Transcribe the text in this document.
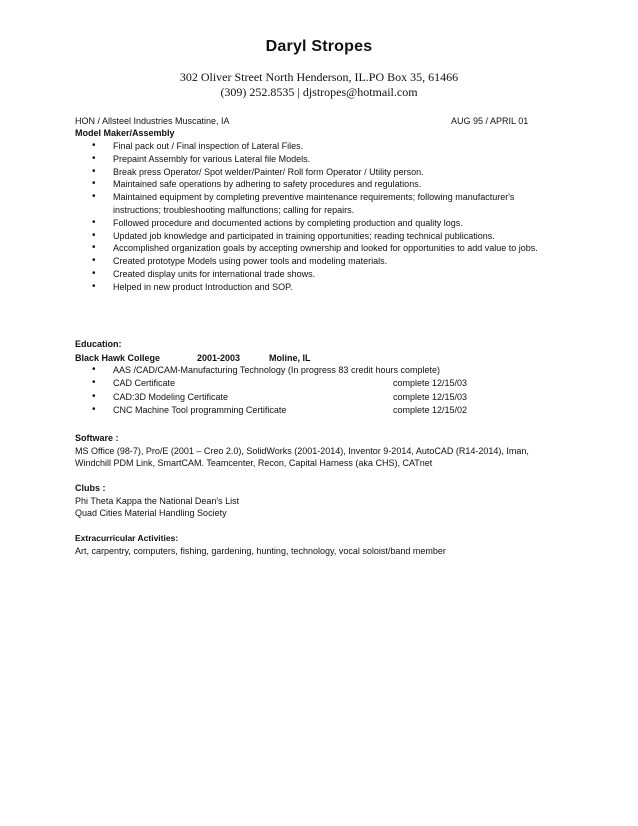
Daryl Stropes
302 Oliver Street North Henderson, IL.PO Box 35, 61466
(309) 252.8535 | djstropes@hotmail.com
HON / Allsteel Industries Muscatine, IA	AUG 95 / APRIL 01
Model Maker/Assembly
• Final pack out / Final inspection of Lateral Files.
• Prepaint Assembly for various Lateral file Models.
• Break press Operator/ Spot welder/Painter/ Roll form Operator / Utility person.
• Maintained safe operations by adhering to safety procedures and regulations.
• Maintained equipment by completing preventive maintenance requirements; following manufacturer's instructions; troubleshooting malfunctions; calling for repairs.
• Followed procedure and documented actions by completing production and quality logs.
• Updated job knowledge and participated in training opportunities; reading technical publications.
• Accomplished organization goals by accepting ownership and looked for opportunities to add value to jobs.
• Created prototype Models using power tools and modeling materials.
• Created display units for international trade shows.
• Helped in new product Introduction and SOP.
Education:
Black Hawk College	2001-2003	Moline, IL
• AAS /CAD/CAM-Manufacturing Technology (In progress 83 credit hours complete)
• CAD Certificate	complete 12/15/03
• CAD:3D Modeling Certificate	complete 12/15/03
• CNC Machine Tool programming Certificate	complete 12/15/02
Software :
MS Office (98-7), Pro/E (2001 – Creo 2.0), SolidWorks (2001-2014), Inventor 9-2014, AutoCAD (R14-2014), Iman,
Windchill PDM Link, SmartCAM. Teamcenter, Recon, Capital Harness (aka CHS), CATnet
Clubs :
Phi Theta Kappa the National Dean's List
Quad Cities Material Handling Society
Extracurricular Activities:
Art, carpentry, computers, fishing, gardening, hunting, technology, vocal soloist/band member
